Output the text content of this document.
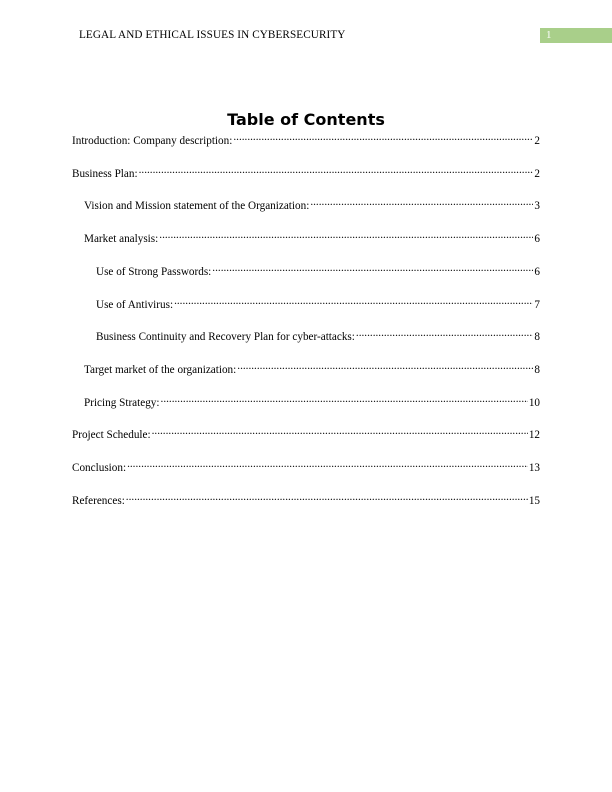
LEGAL AND ETHICAL ISSUES IN CYBERSECURITY	1
Table of Contents
Introduction: Company description: .....	2
Business Plan: .....	2
Vision and Mission statement of the Organization: .....	3
Market analysis: .....	6
Use of Strong Passwords: .....	6
Use of Antivirus: .....	7
Business Continuity and Recovery Plan for cyber-attacks: .....	8
Target market of the organization: .....	8
Pricing Strategy: .....	10
Project Schedule: .....	12
Conclusion: .....	13
References: .....	15
